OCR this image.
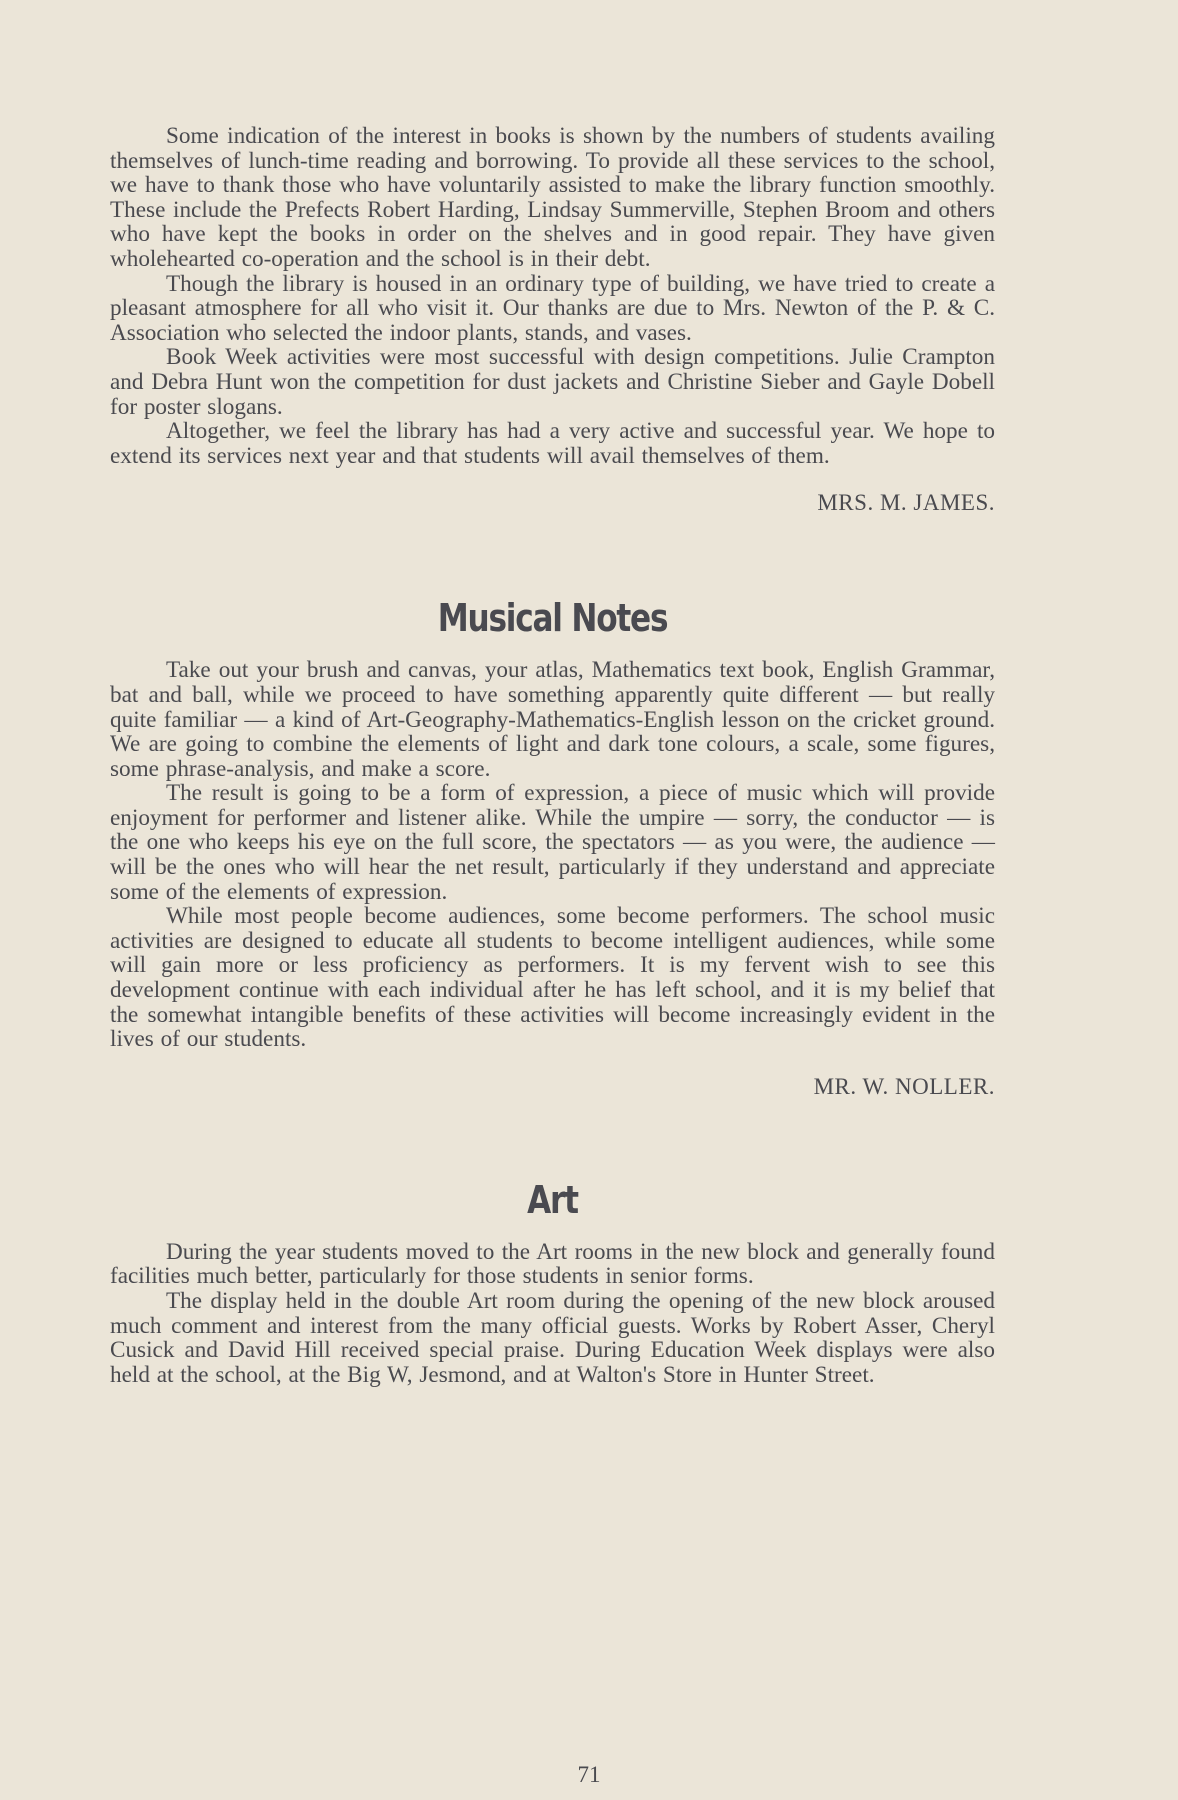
Some indication of the interest in books is shown by the numbers of students availing themselves of lunch-time reading and borrowing. To provide all these services to the school, we have to thank those who have voluntarily assisted to make the library function smoothly. These include the Prefects Robert Harding, Lindsay Summerville, Stephen Broom and others who have kept the books in order on the shelves and in good repair. They have given wholehearted co-operation and the school is in their debt.

Though the library is housed in an ordinary type of building, we have tried to create a pleasant atmosphere for all who visit it. Our thanks are due to Mrs. Newton of the P. & C. Association who selected the indoor plants, stands, and vases.

Book Week activities were most successful with design competitions. Julie Crampton and Debra Hunt won the competition for dust jackets and Christine Sieber and Gayle Dobell for poster slogans.

Altogether, we feel the library has had a very active and successful year. We hope to extend its services next year and that students will avail themselves of them.

MRS. M. JAMES.

Musical Notes

Take out your brush and canvas, your atlas, Mathematics text book, English Grammar, bat and ball, while we proceed to have something apparently quite different — but really quite familiar — a kind of Art-Geography-Mathematics-English lesson on the cricket ground. We are going to combine the elements of light and dark tone colours, a scale, some figures, some phrase-analysis, and make a score.

The result is going to be a form of expression, a piece of music which will provide enjoyment for performer and listener alike. While the umpire — sorry, the conductor — is the one who keeps his eye on the full score, the spectators — as you were, the audience — will be the ones who will hear the net result, particularly if they understand and appreciate some of the elements of expression.

While most people become audiences, some become performers. The school music activities are designed to educate all students to become intelligent audiences, while some will gain more or less proficiency as performers. It is my fervent wish to see this development continue with each individual after he has left school, and it is my belief that the somewhat intangible benefits of these activities will become increasingly evident in the lives of our students.

MR. W. NOLLER.

Art

During the year students moved to the Art rooms in the new block and generally found facilities much better, particularly for those students in senior forms.

The display held in the double Art room during the opening of the new block aroused much comment and interest from the many official guests. Works by Robert Asser, Cheryl Cusick and David Hill received special praise. During Education Week displays were also held at the school, at the Big W, Jesmond, and at Walton's Store in Hunter Street.

71
